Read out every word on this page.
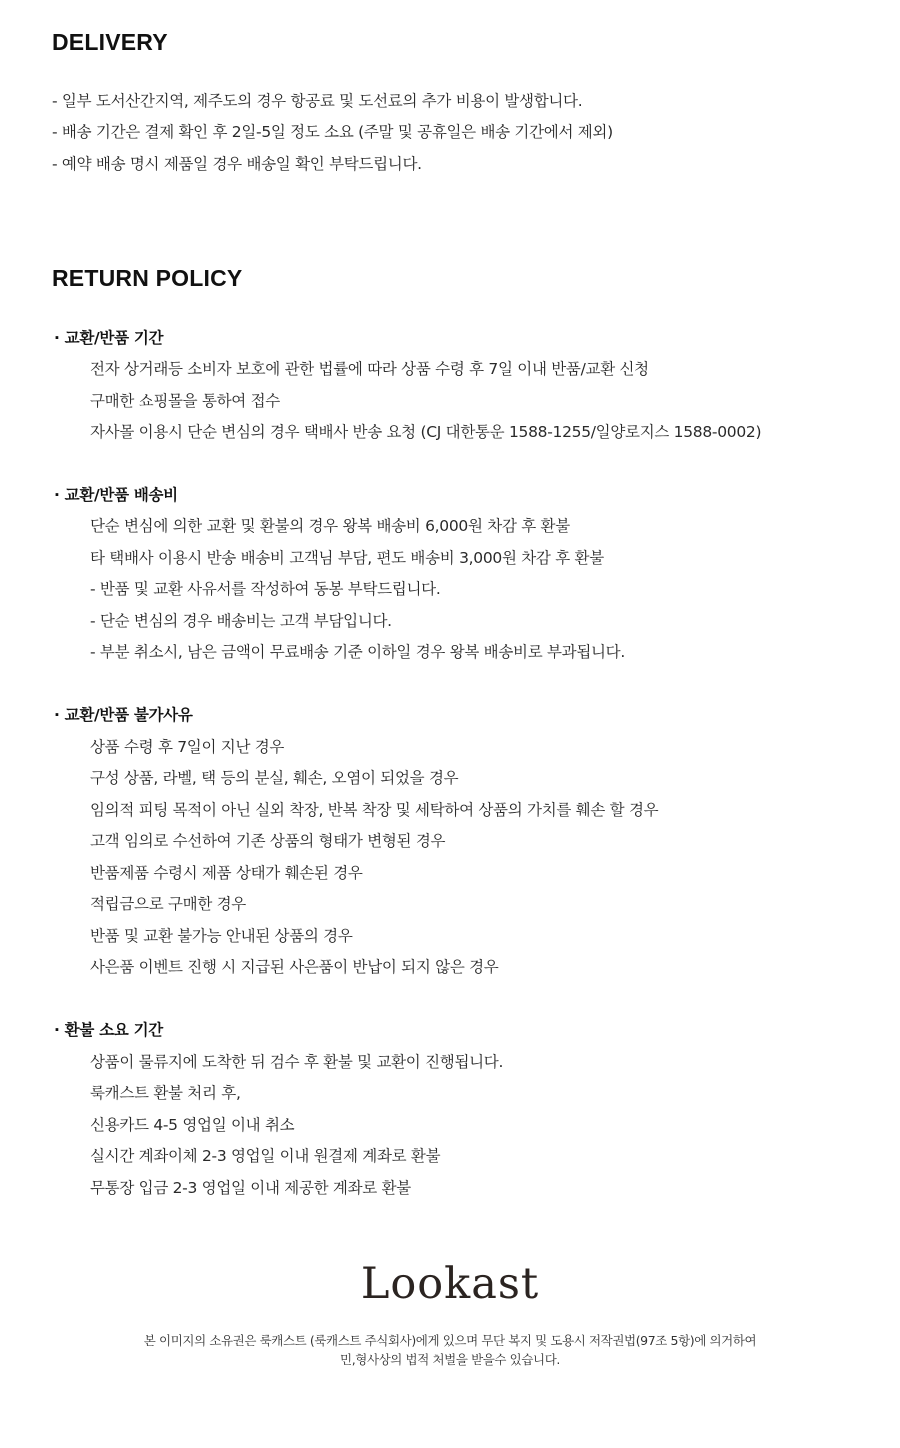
DELIVERY
- 일부 도서산간지역, 제주도의 경우 항공료 및 도선료의 추가 비용이 발생합니다.
- 배송 기간은 결제 확인 후 2일-5일 정도 소요 (주말 및 공휴일은 배송 기간에서 제외)
- 예약 배송 명시 제품일 경우 배송일 확인 부탁드립니다.
RETURN POLICY
· 교환/반품 기간
전자 상거래등 소비자 보호에 관한 법률에 따라 상품 수령 후 7일 이내 반품/교환 신청
구매한 쇼핑몰을 통하여 접수
자사몰 이용시 단순 변심의 경우 택배사 반송 요청 (CJ 대한통운 1588-1255/일양로지스 1588-0002)
· 교환/반품 배송비
단순 변심에 의한 교환 및 환불의 경우 왕복 배송비 6,000원 차감 후 환불
타 택배사 이용시 반송 배송비 고객님 부담, 편도 배송비 3,000원 차감 후 환불
- 반품 및 교환 사유서를 작성하여 동봉 부탁드립니다.
- 단순 변심의 경우 배송비는 고객 부담입니다.
- 부분 취소시, 남은 금액이 무료배송 기준 이하일 경우 왕복 배송비로 부과됩니다.
· 교환/반품 불가사유
상품 수령 후 7일이 지난 경우
구성 상품, 라벨, 택 등의 분실, 훼손, 오염이 되었을 경우
임의적 피팅 목적이 아닌 실외 착장, 반복 착장 및 세탁하여 상품의 가치를 훼손 할 경우
고객 임의로 수선하여 기존 상품의 형태가 변형된 경우
반품제품 수령시 제품 상태가 훼손된 경우
적립금으로 구매한 경우
반품 및 교환 불가능 안내된 상품의 경우
사은품 이벤트 진행 시 지급된 사은품이 반납이 되지 않은 경우
· 환불 소요 기간
상품이 물류지에 도착한 뒤 검수 후 환불 및 교환이 진행됩니다.
룩캐스트 환불 처리 후,
신용카드 4-5 영업일 이내 취소
실시간 계좌이체 2-3 영업일 이내 원결제 계좌로 환불
무통장 입금 2-3 영업일 이내 제공한 계좌로 환불
Lookast
본 이미지의 소유권은 룩캐스트 (룩캐스트 주식회사)에게 있으며 무단 복지 및 도용시 저작권법(97조 5항)에 의거하여
민,형사상의 법적 처벌을 받을수 있습니다.
